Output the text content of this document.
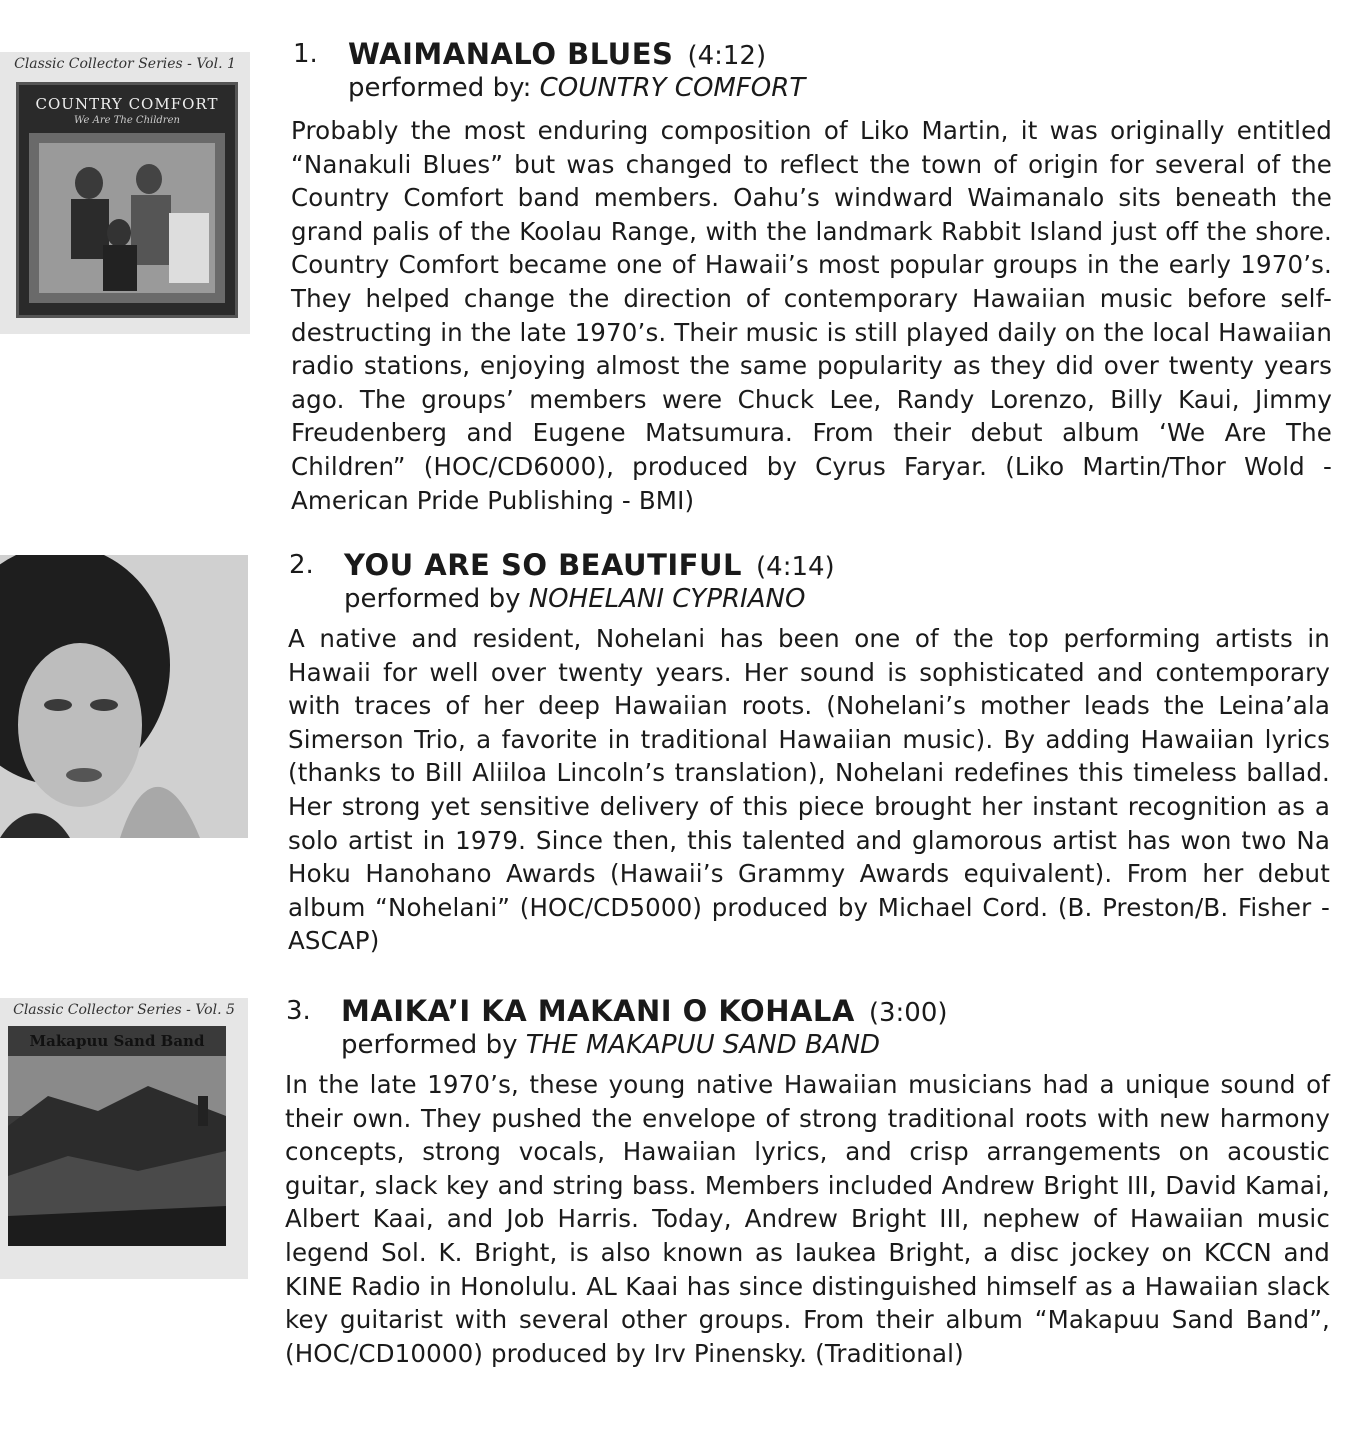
Classic Collector Series - Vol. 1
COUNTRY COMFORT
We Are The Children
1. WAIMANALO BLUES (4:12)
performed by: COUNTRY COMFORT

Probably the most enduring composition of Liko Martin, it was originally entitled “Nanakuli Blues” but was changed to reflect the town of origin for several of the Country Comfort band members. Oahu’s windward Waimanalo sits beneath the grand palis of the Koolau Range, with the landmark Rabbit Island just off the shore. Country Comfort became one of Hawaii’s most popular groups in the early 1970’s. They helped change the direction of contemporary Hawaiian music before self-destructing in the late 1970’s. Their music is still played daily on the local Hawaiian radio stations, enjoying almost the same popularity as they did over twenty years ago. The groups’ members were Chuck Lee, Randy Lorenzo, Billy Kaui, Jimmy Freudenberg and Eugene Matsumura. From their debut album ‘We Are The Children” (HOC/CD6000), produced by Cyrus Faryar. (Liko Martin/Thor Wold - American Pride Publishing - BMI)

2. YOU ARE SO BEAUTIFUL (4:14)
performed by NOHELANI CYPRIANO

A native and resident, Nohelani has been one of the top performing artists in Hawaii for well over twenty years. Her sound is sophisticated and contemporary with traces of her deep Hawaiian roots. (Nohelani’s mother leads the Leina’ala Simerson Trio, a favorite in traditional Hawaiian music). By adding Hawaiian lyrics (thanks to Bill Aliiloa Lincoln’s translation), Nohelani redefines this timeless ballad. Her strong yet sensitive delivery of this piece brought her instant recognition as a solo artist in 1979. Since then, this talented and glamorous artist has won two Na Hoku Hanohano Awards (Hawaii’s Grammy Awards equivalent). From her debut album “Nohelani” (HOC/CD5000) produced by Michael Cord. (B. Preston/B. Fisher - ASCAP)

Classic Collector Series - Vol. 5
Makapuu Sand Band
3. MAIKA’I KA MAKANI O KOHALA (3:00)
performed by THE MAKAPUU SAND BAND

In the late 1970’s, these young native Hawaiian musicians had a unique sound of their own. They pushed the envelope of strong traditional roots with new harmony concepts, strong vocals, Hawaiian lyrics, and crisp arrangements on acoustic guitar, slack key and string bass. Members included Andrew Bright III, David Kamai, Albert Kaai, and Job Harris. Today, Andrew Bright III, nephew of Hawaiian music legend Sol. K. Bright, is also known as Iaukea Bright, a disc jockey on KCCN and KINE Radio in Honolulu. AL Kaai has since distinguished himself as a Hawaiian slack key guitarist with several other groups. From their album “Makapuu Sand Band”, (HOC/CD10000) produced by Irv Pinensky. (Traditional)
